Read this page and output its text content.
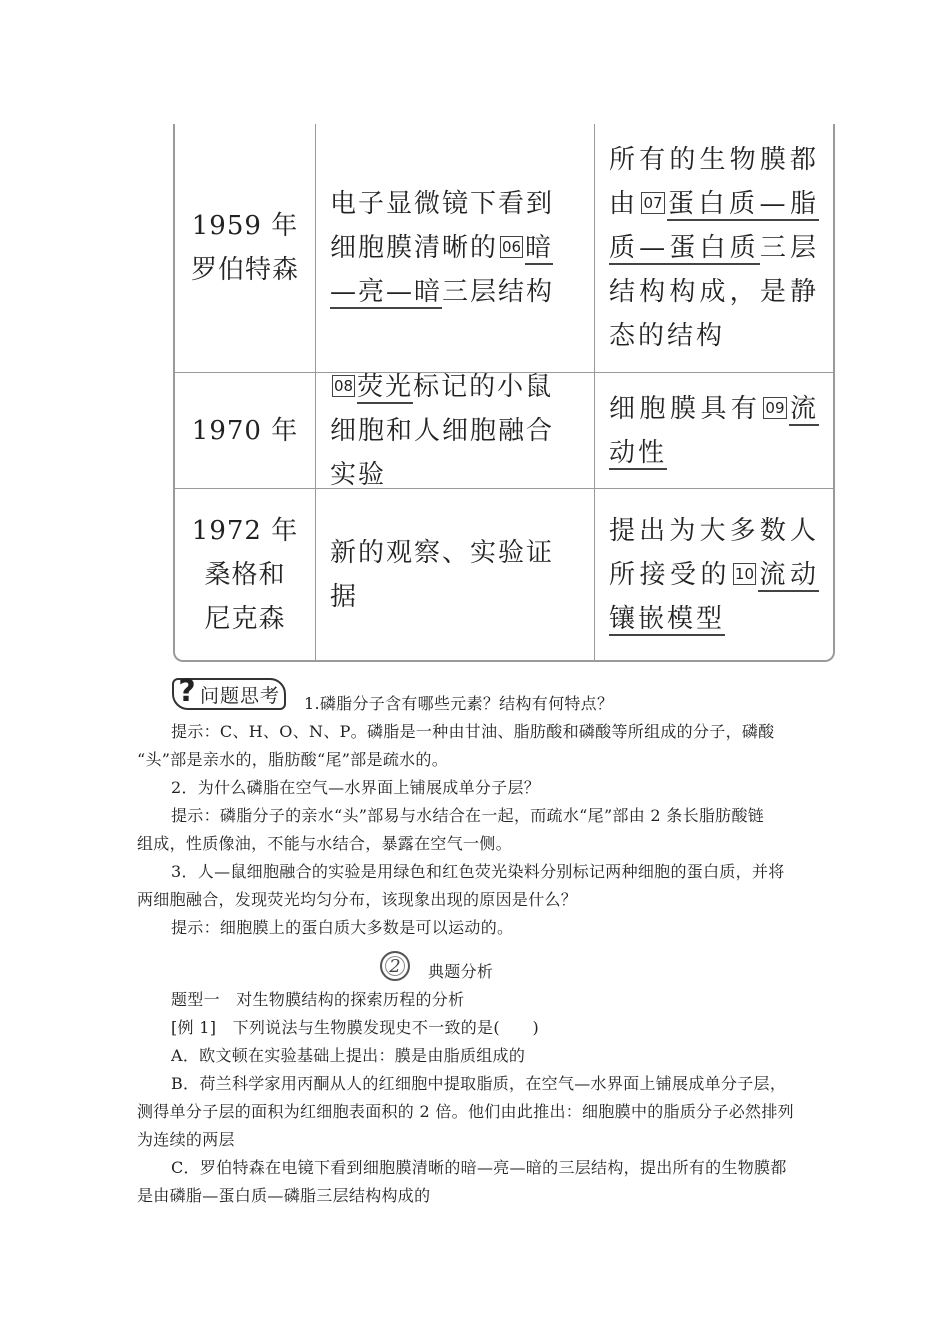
1959 年
罗伯特森
电子显微镜下看到细胞膜清晰的 06 暗—亮—暗三层结构
所有的生物膜都由 07 蛋白质—脂质—蛋白质三层结构构成，是静态的结构
1970 年
08 荧光标记的小鼠细胞和人细胞融合实验
细胞膜具有 09 流动性
1972 年
桑格和
尼克森
新的观察、实验证据
提出为大多数人所接受的 10 流动镶嵌模型
? 问题思考 1.磷脂分子含有哪些元素？结构有何特点？
提示：C、H、O、N、P。磷脂是一种由甘油、脂肪酸和磷酸等所组成的分子，磷酸
“头”部是亲水的，脂肪酸“尾”部是疏水的。
2．为什么磷脂在空气—水界面上铺展成单分子层？
提示：磷脂分子的亲水“头”部易与水结合在一起，而疏水“尾”部由 2 条长脂肪酸链
组成，性质像油，不能与水结合，暴露在空气一侧。
3．人—鼠细胞融合的实验是用绿色和红色荧光染料分别标记两种细胞的蛋白质，并将
两细胞融合，发现荧光均匀分布，该现象出现的原因是什么？
提示：细胞膜上的蛋白质大多数是可以运动的。
2	典题分析
题型一　对生物膜结构的探索历程的分析
[例 1]　下列说法与生物膜发现史不一致的是(　　)
A．欧文顿在实验基础上提出：膜是由脂质组成的
B．荷兰科学家用丙酮从人的红细胞中提取脂质，在空气—水界面上铺展成单分子层，
测得单分子层的面积为红细胞表面积的 2 倍。他们由此推出：细胞膜中的脂质分子必然排列
为连续的两层
C．罗伯特森在电镜下看到细胞膜清晰的暗—亮—暗的三层结构，提出所有的生物膜都
是由磷脂—蛋白质—磷脂三层结构构成的
